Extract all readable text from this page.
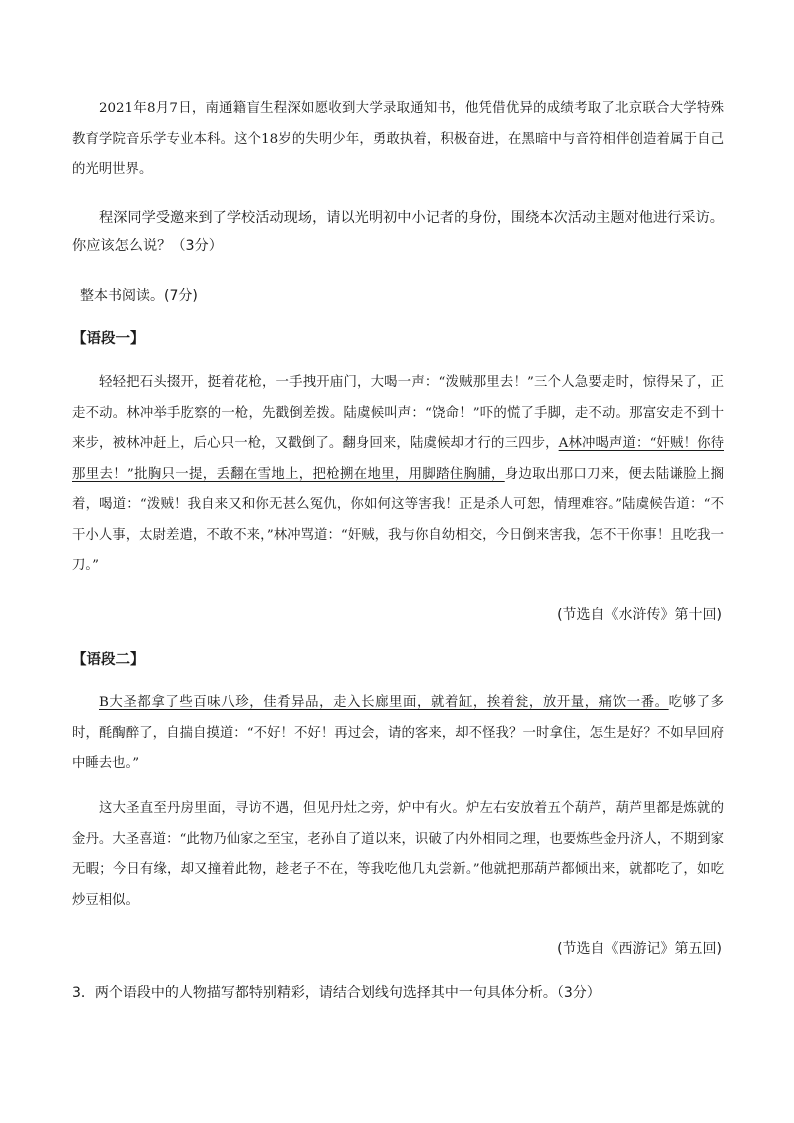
2021年8月7日，南通籍盲生程深如愿收到大学录取通知书，他凭借优异的成绩考取了北京联合大学特殊教育学院音乐学专业本科。这个18岁的失明少年，勇敢执着，积极奋进，在黑暗中与音符相伴创造着属于自己的光明世界。

程深同学受邀来到了学校活动现场，请以光明初中小记者的身份，围绕本次活动主题对他进行采访。你应该怎么说？（3分）

整本书阅读。(7分)

【语段一】

轻轻把石头掇开，挺着花枪，一手拽开庙门，大喝一声：“泼贼那里去！”三个人急要走时，惊得呆了，正走不动。林冲举手肐察的一枪，先戳倒差拨。陆虞候叫声：“饶命！”吓的慌了手脚，走不动。那富安走不到十来步，被林冲赶上，后心只一枪，又戳倒了。翻身回来，陆虞候却才行的三四步，A林冲喝声道：“奸贼！你待那里去！”批胸只一提，丢翻在雪地上，把枪搠在地里，用脚踏住胸脯，身边取出那口刀来，便去陆谦脸上搁着，喝道：“泼贼！我自来又和你无甚么冤仇，你如何这等害我！正是杀人可恕，情理难容。”陆虞候告道：“不干小人事，太尉差遣，不敢不来，”林冲骂道：“奸贼，我与你自幼相交，今日倒来害我，怎不干你事！且吃我一刀。”

(节选自《水浒传》第十回)

【语段二】

B大圣都拿了些百味八珍，佳肴异品，走入长廊里面，就着缸，挨着瓮，放开量，痛饮一番。吃够了多时，酕醄醉了，自揣自摸道：“不好！不好！再过会，请的客来，却不怪我？一时拿住，怎生是好？不如早回府中睡去也。”

这大圣直至丹房里面，寻访不遇，但见丹灶之旁，炉中有火。炉左右安放着五个葫芦，葫芦里都是炼就的金丹。大圣喜道：“此物乃仙家之至宝，老孙自了道以来，识破了内外相同之理，也要炼些金丹济人，不期到家无暇；今日有缘，却又撞着此物，趁老子不在，等我吃他几丸尝新。”他就把那葫芦都倾出来，就都吃了，如吃炒豆相似。

(节选自《西游记》第五回)

3．两个语段中的人物描写都特别精彩，请结合划线句选择其中一句具体分析。（3分）
